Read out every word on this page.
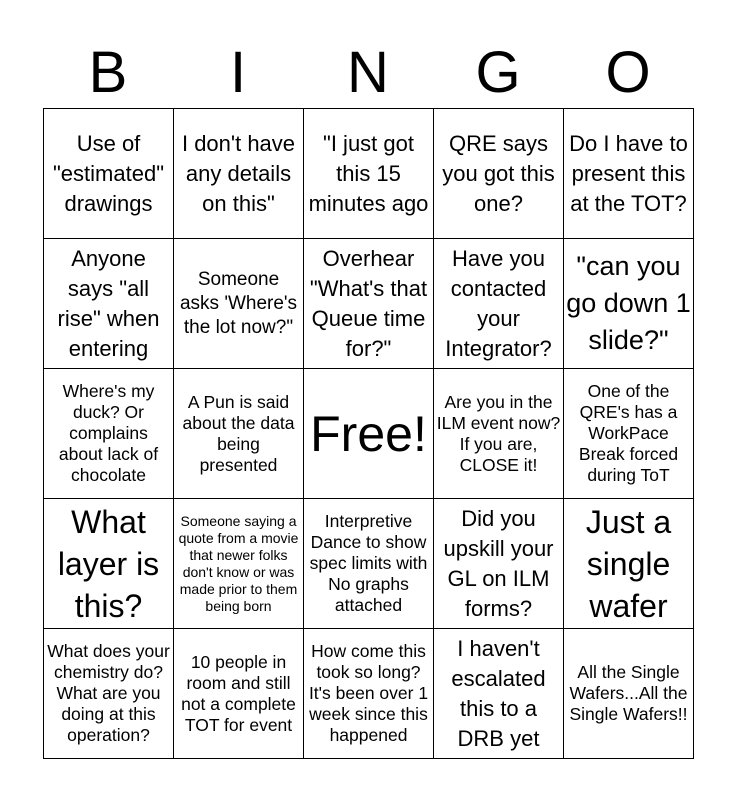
B	I	N	G	O
Use of "estimated" drawings	I don't have any details on this"	"I just got this 15 minutes ago	QRE says you got this one?	Do I have to present this at the TOT?

Anyone says "all rise" when entering	Someone asks 'Where's the lot now?"	Overhear "What's that Queue time for?"	Have you contacted your Integrator?	"can you go down 1 slide?"

Where's my duck? Or complains about lack of chocolate	A Pun is said about the data being presented	Free!	Are you in the ILM event now? If you are, CLOSE it!	One of the QRE's has a WorkPace Break forced during ToT

What layer is this?	Someone saying a quote from a movie that newer folks don't know or was made prior to them being born	Interpretive Dance to show spec limits with No graphs attached	Did you upskill your GL on ILM forms?	Just a single wafer

What does your chemistry do? What are you doing at this operation?	10 people in room and still not a complete TOT for event	How come this took so long? It's been over 1 week since this happened	I haven't escalated this to a DRB yet	All the Single Wafers...All the Single Wafers!!
